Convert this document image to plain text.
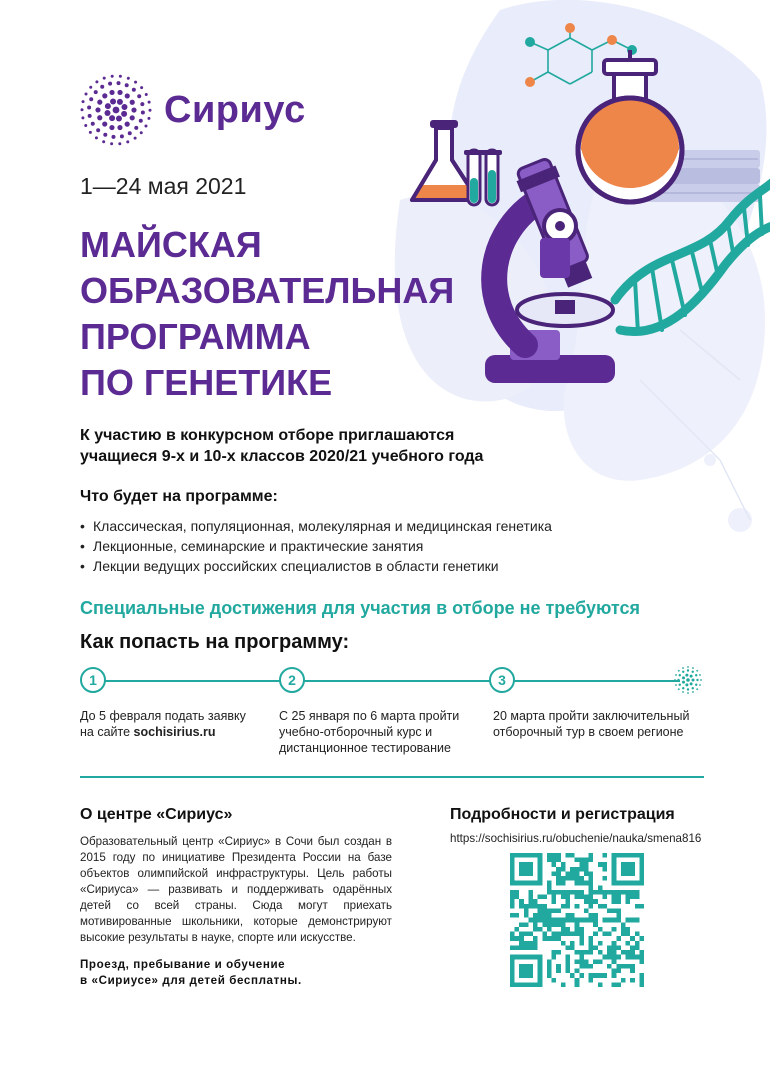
Сириус
1—24 мая 2021
МАЙСКАЯ
ОБРАЗОВАТЕЛЬНАЯ
ПРОГРАММА
ПО ГЕНЕТИКЕ
К участию в конкурсном отборе приглашаются
учащиеся 9-х и 10-х классов 2020/21 учебного года
Что будет на программе:
• Классическая, популяционная, молекулярная и медицинская генетика
• Лекционные, семинарские и практические занятия
• Лекции ведущих российских специалистов в области генетики
Специальные достижения для участия в отборе не требуются
Как попасть на программу:
1	2	3
До 5 февраля подать заявку
на сайте sochisirius.ru
С 25 января по 6 марта пройти
учебно-отборочный курс и
дистанционное тестирование
20 марта пройти заключительный
отборочный тур в своем регионе
О центре «Сириус»
Образовательный центр «Сириус» в Сочи был создан в 2015 году по инициативе Президента России на базе объектов олимпийской инфраструктуры. Цель работы «Сириуса» — развивать и поддерживать одарённых детей со всей страны. Сюда могут приехать мотивированные школьники, которые демонстрируют высокие результаты в науке, спорте или искусстве.
Проезд, пребывание и обучение
в «Сириусе» для детей бесплатны.
Подробности и регистрация
https://sochisirius.ru/obuchenie/nauka/smena816
